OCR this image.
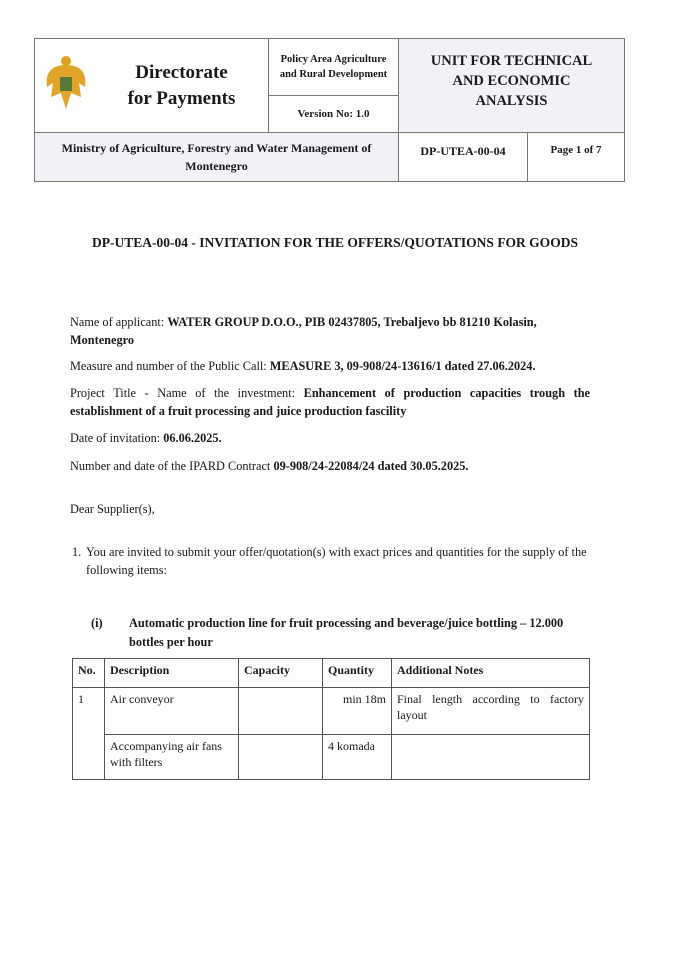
Directorate for Payments
Policy Area Agriculture and Rural Development
Version No: 1.0
UNIT FOR TECHNICAL AND ECONOMIC ANALYSIS
Ministry of Agriculture, Forestry and Water Management of Montenegro
DP-UTEA-00-04	Page 1 of 7
DP-UTEA-00-04 - INVITATION FOR THE OFFERS/QUOTATIONS FOR GOODS

Name of applicant: WATER GROUP D.O.O., PIB 02437805, Trebaljevo bb 81210 Kolasin, Montenegro

Measure and number of the Public Call: MEASURE 3, 09-908/24-13616/1 dated 27.06.2024.

Project Title - Name of the investment: Enhancement of production capacities trough the establishment of a fruit processing and juice production fascility

Date of invitation: 06.06.2025.

Number and date of the IPARD Contract 09-908/24-22084/24 dated 30.05.2025.

Dear Supplier(s),

1. You are invited to submit your offer/quotation(s) with exact prices and quantities for the supply of the following items:

(i)	Automatic production line for fruit processing and beverage/juice bottling – 12.000 bottles per hour
No.	Description	Capacity	Quantity	Additional Notes
1	Air conveyor		min 18m	Final length according to factory layout
	Accompanying air fans with filters		4 komada	
